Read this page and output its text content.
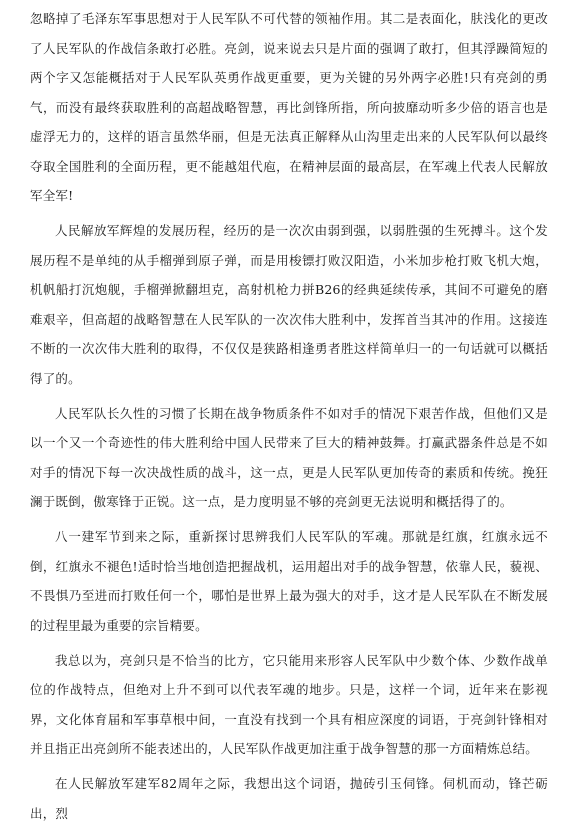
忽略掉了毛泽东军事思想对于人民军队不可代替的领袖作用。其二是表面化，肤浅化的更改了人民军队的作战信条敢打必胜。亮剑，说来说去只是片面的强调了敢打，但其浮躁简短的两个字又怎能概括对于人民军队英勇作战更重要，更为关键的另外两字必胜!只有亮剑的勇气，而没有最终获取胜利的高超战略智慧，再比剑锋所指，所向披靡动听多少倍的语言也是虚浮无力的，这样的语言虽然华丽，但是无法真正解释从山沟里走出来的人民军队何以最终夺取全国胜利的全面历程，更不能越俎代庖，在精神层面的最高层，在军魂上代表人民解放军全军!

人民解放军辉煌的发展历程，经历的是一次次由弱到强，以弱胜强的生死搏斗。这个发展历程不是单纯的从手榴弹到原子弹，而是用梭镖打败汉阳造，小米加步枪打败飞机大炮，机帆船打沉炮舰，手榴弹掀翻坦克，高射机枪力拼B26的经典延续传承，其间不可避免的磨难艰辛，但高超的战略智慧在人民军队的一次次伟大胜利中，发挥首当其冲的作用。这接连不断的一次次伟大胜利的取得，不仅仅是狭路相逢勇者胜这样简单归一的一句话就可以概括得了的。

人民军队长久性的习惯了长期在战争物质条件不如对手的情况下艰苦作战，但他们又是以一个又一个奇迹性的伟大胜利给中国人民带来了巨大的精神鼓舞。打赢武器条件总是不如对手的情况下每一次决战性质的战斗，这一点，更是人民军队更加传奇的素质和传统。挽狂澜于既倒，傲寒锋于正锐。这一点，是力度明显不够的亮剑更无法说明和概括得了的。

八一建军节到来之际，重新探讨思辨我们人民军队的军魂。那就是红旗，红旗永远不倒，红旗永不褪色!适时恰当地创造把握战机，运用超出对手的战争智慧，依靠人民，藐视、不畏惧乃至进而打败任何一个，哪怕是世界上最为强大的对手，这才是人民军队在不断发展的过程里最为重要的宗旨精要。

我总以为，亮剑只是不恰当的比方，它只能用来形容人民军队中少数个体、少数作战单位的作战特点，但绝对上升不到可以代表军魂的地步。只是，这样一个词，近年来在影视界，文化体育届和军事草根中间，一直没有找到一个具有相应深度的词语，于亮剑针锋相对并且指正出亮剑所不能表述出的，人民军队作战更加注重于战争智慧的那一方面精炼总结。

在人民解放军建军82周年之际，我想出这个词语，抛砖引玉伺锋。伺机而动，锋芒砺出，烈
